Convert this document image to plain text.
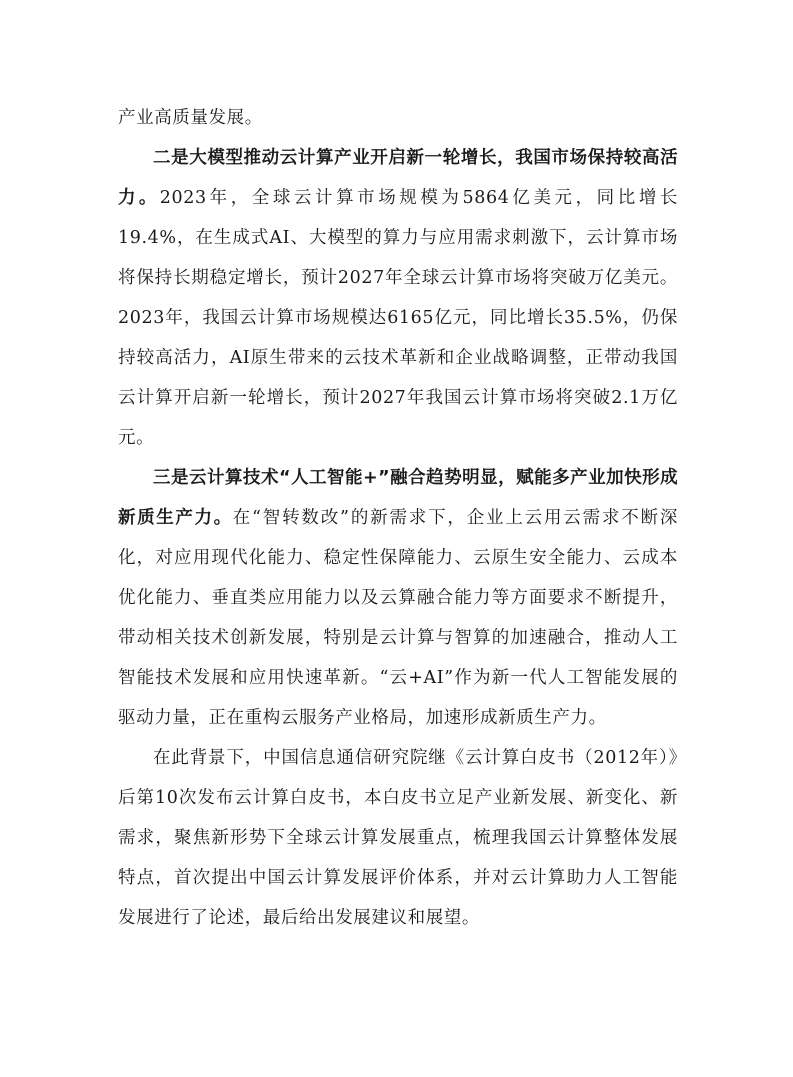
产业高质量发展。

二是大模型推动云计算产业开启新一轮增长，我国市场保持较高活力。2023年，全球云计算市场规模为5864亿美元，同比增长19.4%，在生成式AI、大模型的算力与应用需求刺激下，云计算市场将保持长期稳定增长，预计2027年全球云计算市场将突破万亿美元。2023年，我国云计算市场规模达6165亿元，同比增长35.5%，仍保持较高活力，AI原生带来的云技术革新和企业战略调整，正带动我国云计算开启新一轮增长，预计2027年我国云计算市场将突破2.1万亿元。

三是云计算技术“人工智能+”融合趋势明显，赋能多产业加快形成新质生产力。在“智转数改”的新需求下，企业上云用云需求不断深化，对应用现代化能力、稳定性保障能力、云原生安全能力、云成本优化能力、垂直类应用能力以及云算融合能力等方面要求不断提升，带动相关技术创新发展，特别是云计算与智算的加速融合，推动人工智能技术发展和应用快速革新。“云+AI”作为新一代人工智能发展的驱动力量，正在重构云服务产业格局，加速形成新质生产力。

在此背景下，中国信息通信研究院继《云计算白皮书（2012年）》后第10次发布云计算白皮书，本白皮书立足产业新发展、新变化、新需求，聚焦新形势下全球云计算发展重点，梳理我国云计算整体发展特点，首次提出中国云计算发展评价体系，并对云计算助力人工智能发展进行了论述，最后给出发展建议和展望。
